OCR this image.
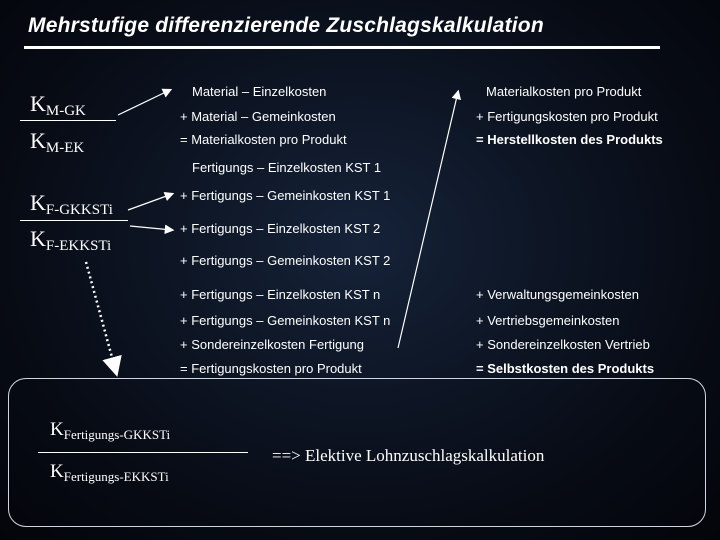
Mehrstufige differenzierende Zuschlagskalkulation
$K_{M-GK}$
$K_{M-EK}$
$K_{F-GKKSTi}$
$K_{F-EKKSTi}$
Material – Einzelkosten
+ Material – Gemeinkosten
= Materialkosten pro Produkt
Fertigungs – Einzelkosten KST 1
+ Fertigungs – Gemeinkosten KST 1
+ Fertigungs – Einzelkosten KST 2
+ Fertigungs – Gemeinkosten KST 2
+ Fertigungs – Einzelkosten KST n
+ Fertigungs – Gemeinkosten KST n
+ Sondereinzelkosten Fertigung
= Fertigungskosten pro Produkt
Materialkosten pro Produkt
+ Fertigungskosten pro Produkt
= Herstellkosten des Produkts
+ Verwaltungsgemeinkosten
+ Vertriebsgemeinkosten
+ Sondereinzelkosten Vertrieb
= Selbstkosten des Produkts
$K_{Fertigungs-GKKSTi}$
$K_{Fertigungs-EKKSTi}$
==> Elektive Lohnzuschlagskalkulation
